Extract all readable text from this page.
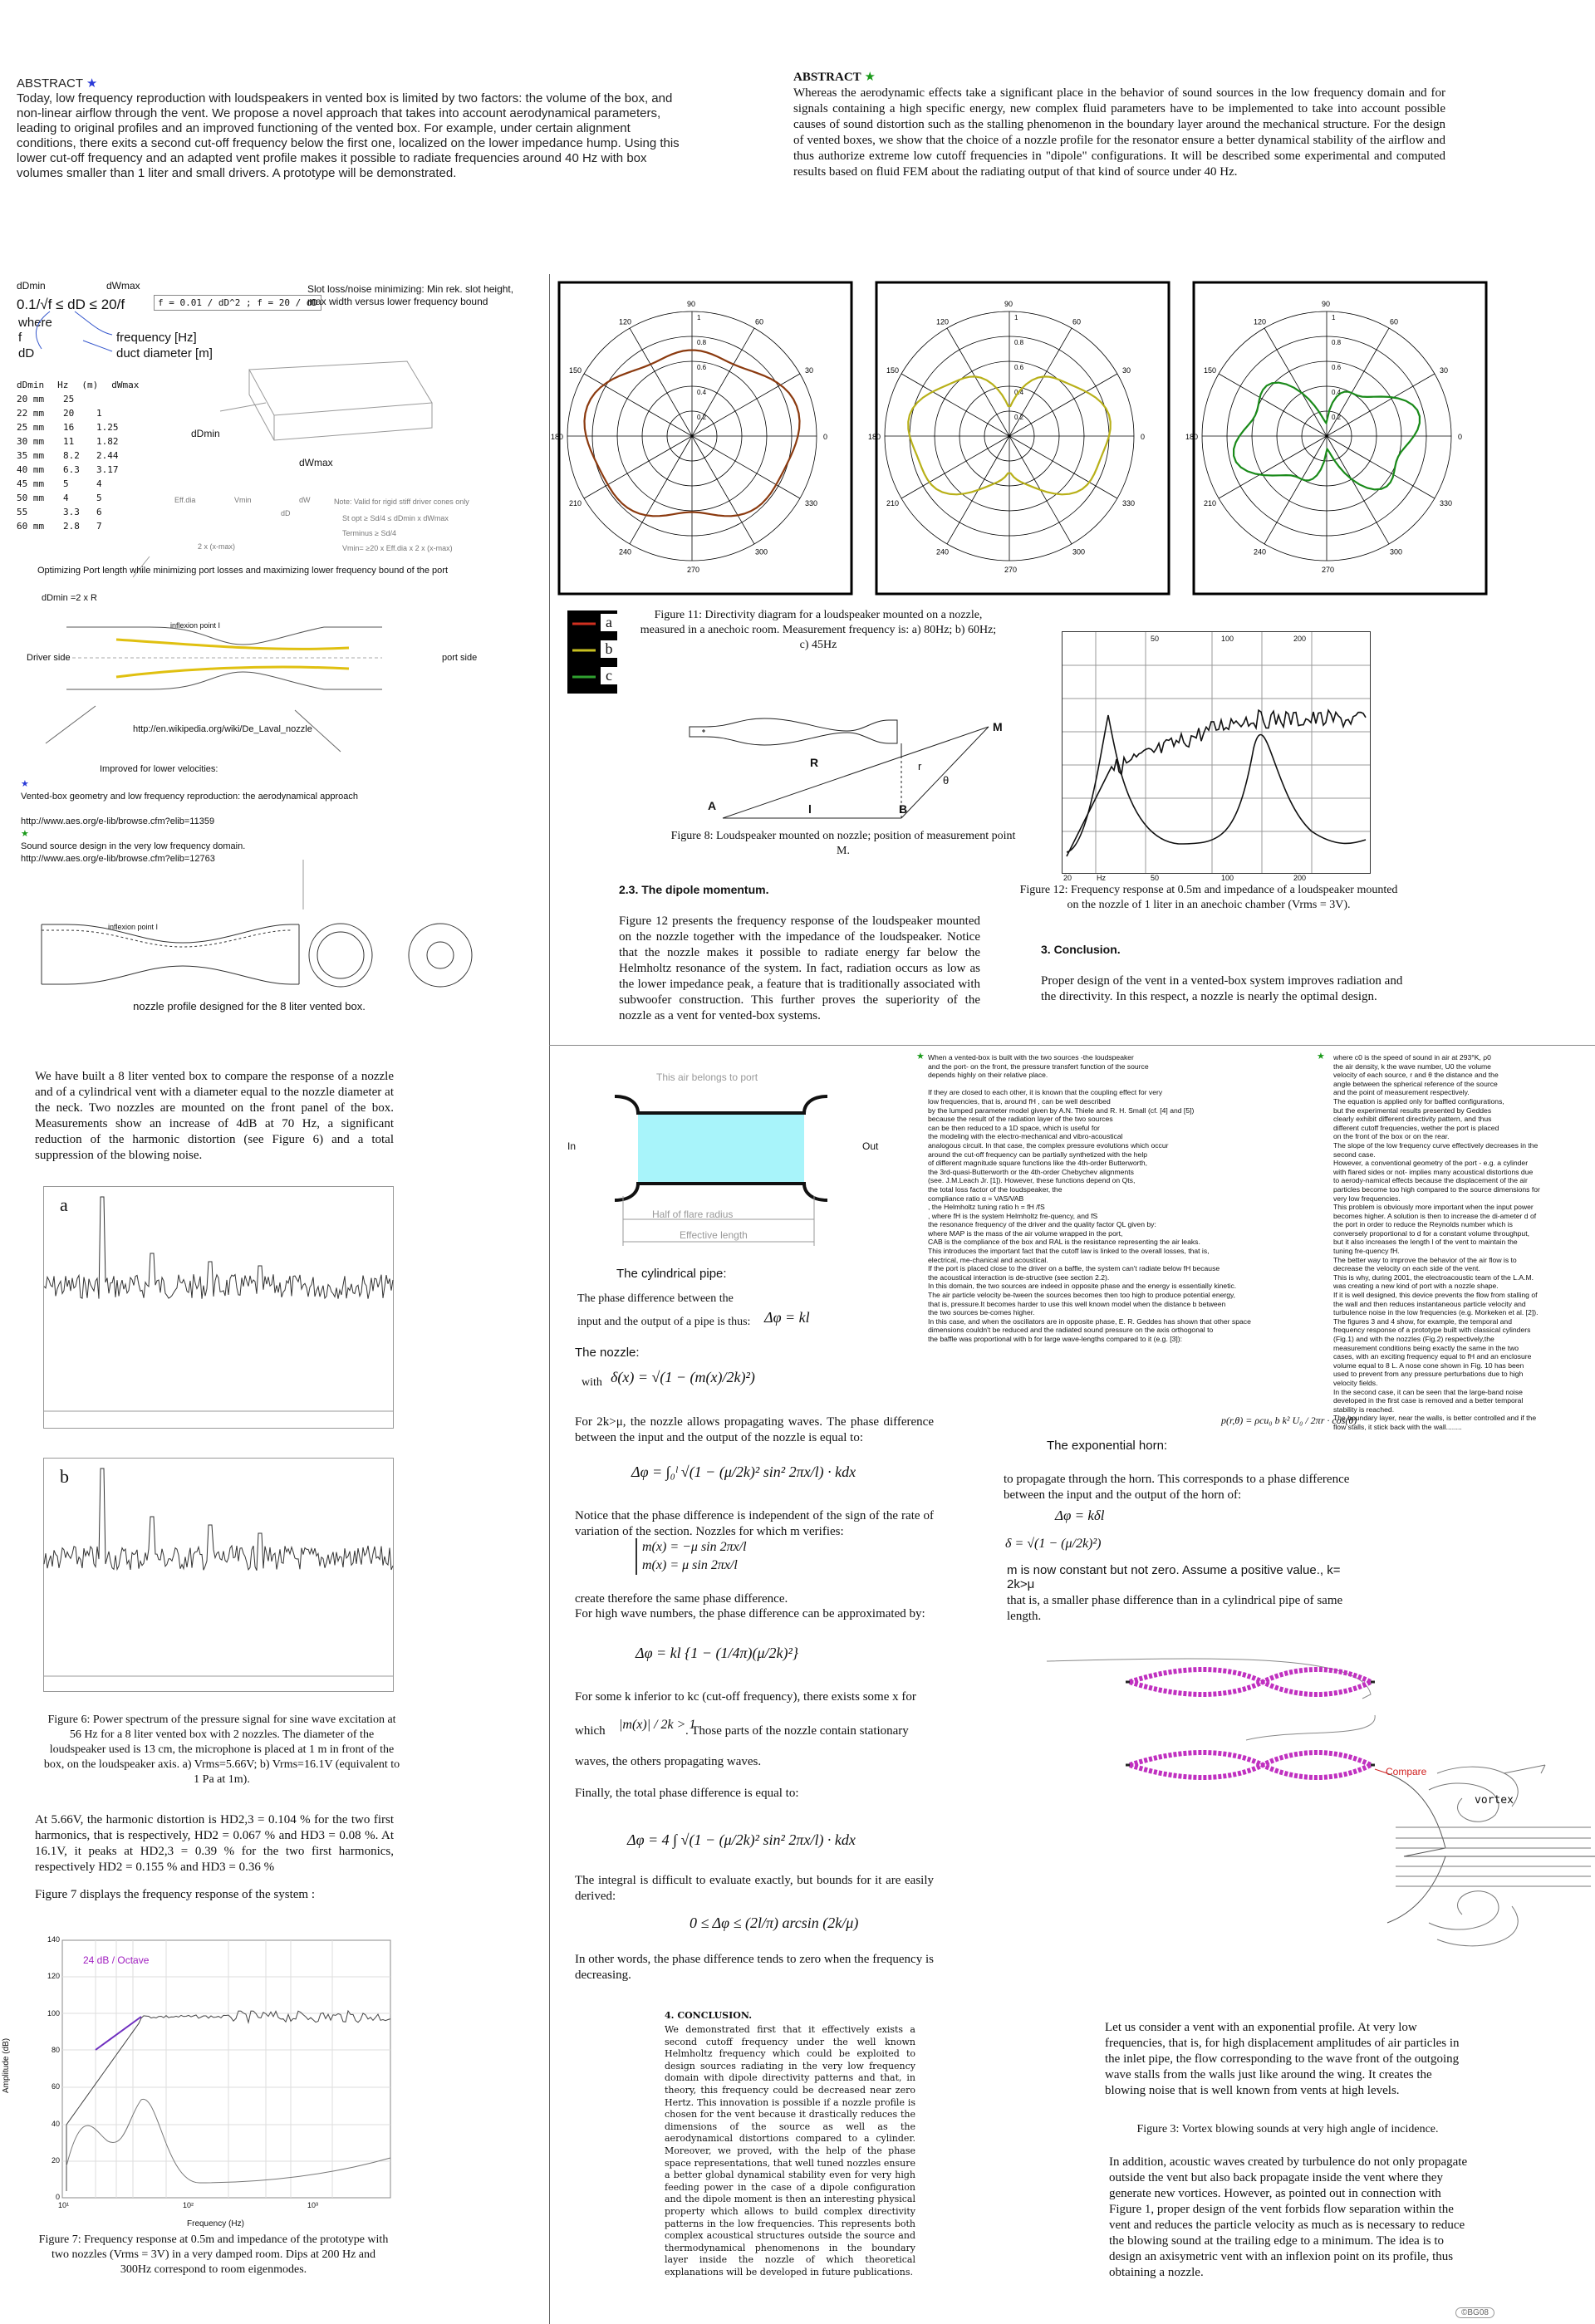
ABSTRACT ★
Today, low frequency reproduction with loudspeakers in vented box is limited by two factors: the volume of the box, and non-linear airflow through the vent. We propose a novel approach that takes into account aerodynamical parameters, leading to original profiles and an improved functioning of the vented box. For example, under certain alignment conditions, there exits a second cut-off frequency below the first one, localized on the lower impedance hump. Using this lower cut-off frequency and an adapted vent profile makes it possible to radiate frequencies around 40 Hz with box volumes smaller than 1 liter and small drivers. A prototype will be demonstrated.
ABSTRACT ★
Whereas the aerodynamic effects take a significant place in the behavior of sound sources in the low frequency domain and for signals containing a high specific energy, new complex fluid parameters have to be implemented to take into account possible causes of sound distortion such as the stalling phenomenon in the boundary layer around the mechanical structure. For the design of vented boxes, we show that the choice of a nozzle profile for the resonator ensure a better dynamical stability of the airflow and thus authorize extreme low cutoff frequencies in "dipole" configurations. It will be described some experimental and computed results based on fluid FEM about the radiating output of that kind of source under 40 Hz.
dDmin	dWmax
0.1/√f ≤ dD ≤ 20/f	f = 0.01 / dD^2 ; f = 20 / dD
Slot loss/noise minimizing: Min rek. slot height, max width versus lower frequency bound
where
f	frequency [Hz]
dD	duct diameter [m]
dDmin Hz (m) dWmax
20 mm	25
22 mm	20	1
25 mm	16	1.25
30 mm	11	1.82
35 mm	8.2	2.44
40 mm	6.3	3.17
45 mm	5	4
50 mm	4	5
55	3.3	6
60 mm	2.8	7
dDmin
dWmax
Eff.dia	Vmin	dW
dD
Note: Valid for rigid stiff driver cones only
St opt ≥ Sd/4 ≤ dDmin x dWmax
Terminus ≥ Sd/4
Vmin= ≥20 x Eff.dia x 2 x (x-max)
2 x (x-max)
Optimizing Port length while minimizing port losses and maximizing lower frequency bound of the port
dDmin =2 x R
inflexion point I
Driver side	port side
http://en.wikipedia.org/wiki/De_Laval_nozzle
Improved for lower velocities:
★
Vented-box geometry and low frequency reproduction: the aerodynamical approach

http://www.aes.org/e-lib/browse.cfm?elib=11359
★
Sound source design in the very low frequency domain.
http://www.aes.org/e-lib/browse.cfm?elib=12763
inflexion point I
nozzle profile designed for the 8 liter vented box.
We have built a 8 liter vented box to compare the response of a nozzle and of a cylindrical vent with a diameter equal to the nozzle diameter at the neck. Two nozzles are mounted on the front panel of the box. Measurements show an increase of 4dB at 70 Hz, a significant reduction of the harmonic distortion (see Figure 6) and a total suppression of the blowing noise.
a
b
Figure 6: Power spectrum of the pressure signal for sine wave excitation at 56 Hz for a 8 liter vented box with 2 nozzles. The diameter of the loudspeaker used is 13 cm, the microphone is placed at 1 m in front of the box, on the loudspeaker axis. a) Vrms=5.66V; b) Vrms=16.1V (equivalent to 1 Pa at 1m).
At 5.66V, the harmonic distortion is HD2,3 = 0.104 % for the two first harmonics, that is respectively, HD2 = 0.067 % and HD3 = 0.08 %. At 16.1V, it peaks at HD2,3 = 0.39 % for the two first harmonics, respectively HD2 = 0.155 % and HD3 = 0.36 %
Figure 7 displays the frequency response of the system :
24 dB / Octave
Amplitude (dB)
Frequency (Hz)
140
120
100
80
60
40
20
0
10¹	10²	10³
Figure 7: Frequency response at 0.5m and impedance of the prototype with two nozzles (Vrms = 3V) in a very damped room. Dips at 200 Hz and 300Hz correspond to room eigenmodes.
90
120	60
150	30
180	0
210	330
240	300
270
1
0.8
0.6
0.4
0.2
90
120	60
150	30
180	0
210	330
240	300
270
1
0.8
0.6
0.4
0.2
90
120	60
150	30
180	0
210	330
240	300
270
1
0.8
0.6
0.4
0.2
a
b
c
Figure 11: Directivity diagram for a loudspeaker mounted on a nozzle, measured in a anechoic room. Measurement frequency is: a) 80Hz; b) 60Hz; c) 45Hz
R	r
θ
A	l	B
M
Figure 8: Loudspeaker mounted on nozzle; position of measurement point M.
2.3. The dipole momentum.
Figure 12 presents the frequency response of the loudspeaker mounted on the nozzle together with the impedance of the loudspeaker. Notice that the nozzle makes it possible to radiate energy far below the Helmholtz resonance of the system. In fact, radiation occurs as low as the lower impedance peak, a feature that is traditionally associated with subwoofer construction. This further proves the superiority of the nozzle as a vent for vented-box systems.
50	100	200
20	Hz	50	100	200
Figure 12: Frequency response at 0.5m and impedance of a loudspeaker mounted on the nozzle of 1 liter in an anechoic chamber (Vrms = 3V).
3. Conclusion.
Proper design of the vent in a vented-box system improves radiation and the directivity. In this respect, a nozzle is nearly the optimal design.
This air belongs to port
In	Out
Half of flare radius
Effective length
The cylindrical pipe:
The phase difference between the input and the output of a pipe is thus: Δφ = kl
The nozzle:
with δ(x) = √(1 − (m(x)/2k)²)
For 2k>μ, the nozzle allows propagating waves. The phase difference between the input and the output of the nozzle is equal to:
Δφ = ∫₀ˡ √(1 − (μ/2k)² sin² 2πx/l) · kdx
Notice that the phase difference is independent of the sign of the rate of variation of the section. Nozzles for which m verifies:
m(x) = −μ sin 2πx/l
m(x) = μ sin 2πx/l
create therefore the same phase difference.
For high wave numbers, the phase difference can be approximated by:
Δφ = kl {1 − (1/4π)(μ/2k)²}
For some k inferior to kc (cut-off frequency), there exists some x for
which |m(x)| / 2k > 1
. Those parts of the nozzle contain stationary
waves, the others propagating waves.
Finally, the total phase difference is equal to:
Δφ = 4 ∫ √(1 − (μ/2k)² sin² 2πx/l) · kdx
The integral is difficult to evaluate exactly, but bounds for it are easily derived:
0 ≤ Δφ ≤ (2l/π) arcsin (2k/μ)
In other words, the phase difference tends to zero when the frequency is decreasing.
4. CONCLUSION.
We demonstrated first that it effectively exists a second cutoff frequency under the well known Helmholtz frequency which could be exploited to design sources radiating in the very low frequency domain with dipole directivity patterns and that, in theory, this frequency could be decreased near zero Hertz. This innovation is possible if a nozzle profile is chosen for the vent because it drastically reduces the dimensions of the source as well as the aerodynamical distortions compared to a cylinder. Moreover, we proved, with the help of the phase space representations, that well tuned nozzles ensure a better global dynamical stability even for very high feeding power in the case of a dipole configuration and the dipole moment is then an interesting physical property which allows to build complex directivity patterns in the low frequencies. This represents both complex acoustical structures outside the source and thermodynamical phenomenons in the boundary layer inside the nozzle of which theoretical explanations will be developed in future publications.
★ When a vented-box is built with the two sources -the loudspeaker
and the port- on the front, the pressure transfert function of the source
depends highly on their relative place.

If they are closed to each other, it is known that the coupling effect for very
low frequencies, that is, around fH , can be well described
by the lumped parameter model given by A.N. Thiele and R. H. Small (cf. [4] and [5])
because the result of the radiation layer of the two sources
can be then reduced to a 1D space, which is useful for
the modeling with the electro-mechanical and vibro-acoustical
analogous circuit. In that case, the complex pressure evolutions which occur
around the cut-off frequency can be partially synthetized with the help
of different magnitude square functions like the 4th-order Butterworth,
the 3rd-quasi-Butterworth or the 4th-order Chebychev alignments
(see. J.M.Leach Jr. [1]). However, these functions depend on Qts,
the total loss factor of the loudspeaker, the
compliance ratio α = VAS/VAB
, the Helmholtz tuning ratio h = fH /fS
, where fH is the system Helmholtz fre-quency, and fS
the resonance frequency of the driver and the quality factor QL given by:
where MAP is the mass of the air volume wrapped in the port,
CAB is the compliance of the box and RAL is the resistance representing the air leaks.
This introduces the important fact that the cutoff law is linked to the overall losses, that is,
electrical, me-chanical and acoustical.
If the port is placed close to the driver on a baffle, the system can't radiate below fH because
the acoustical interaction is de-structive (see section 2.2).
In this domain, the two sources are indeed in opposite phase and the energy is essentially kinetic.
The air particle velocity be-tween the sources becomes then too high to produce potential energy,
that is, pressure.It becomes harder to use this well known model when the distance b between
the two sources be-comes higher.
In this case, and when the oscillators are in opposite phase, E. R. Geddes has shown that other space
dimensions couldn't be reduced and the radiated sound pressure on the axis orthogonal to
the baffle was proportional with b for large wave-lengths compared to it (e.g. [3]):
p(r,θ) = ρcu₀ b k² U₀ / 2πr · cos(θ)
★ where c0 is the speed of sound in air at 293°K, ρ0
the air density, k the wave number, U0 the volume
velocity of each source, r and θ the distance and the
angle between the spherical reference of the source
and the point of measurement respectively.
The equation is applied only for baffled configurations,
but the experimental results presented by Geddes
clearly exhibit different directivity pattern, and thus
different cutoff frequencies, wether the port is placed
on the front of the box or on the rear.
The slope of the low frequency curve effectively decreases in the
second case.
However, a conventional geometry of the port - e.g. a cylinder
with flared sides or not- implies many acoustical distortions due
to aerody-namical effects because the displacement of the air
particles become too high compared to the source dimensions for
very low frequencies.
This problem is obviously more important when the input power
becomes higher. A solution is then to increase the di-ameter d of
the port in order to reduce the Reynolds number which is
conversely proportional to d for a constant volume throughput,
but it also increases the length l of the vent to maintain the
tuning fre-quency fH.
The better way to improve the behavior of the air flow is to
decrease the velocity on each side of the vent.
This is why, during 2001, the electroacoustic team of the L.A.M.
was creating a new kind of port with a nozzle shape.
If it is well designed, this device prevents the flow from stalling of
the wall and then reduces instantaneous particle velocity and
turbulence noise in the low frequencies (e.g. Morkeken et al. [2]).
The figures 3 and 4 show, for example, the temporal and
frequency response of a prototype built with classical cylinders
(Fig.1) and with the nozzles (Fig.2) respectively,the
measurement conditions being exactly the same in the two
cases, with an exciting frequency equal to fH and an enclosure
volume equal to 8 L. A nose cone shown in Fig. 10 has been
used to prevent from any pressure perturbations due to high
velocity fields.
In the second case, it can be seen that the large-band noise
developed in the first case is removed and a better temporal
stability is reached.
The boundary layer, near the walls, is better controlled and if the
flow stalls, it stick back with the wall........
The exponential horn:
to propagate through the horn. This corresponds to a phase difference between the input and the output of the horn of:
Δφ = kδl
δ = √(1 − (μ/2k)²)
m is now constant but not zero. Assume a positive value., k= 2k>μ
that is, a smaller phase difference than in a cylindrical pipe of same length.
Compare
vortex
Let us consider a vent with an exponential profile. At very low frequencies, that is, for high displacement amplitudes of air particles in the inlet pipe, the flow corresponding to the wave front of the outgoing wave stalls from the walls just like around the wing. It creates the blowing noise that is well known from vents at high levels.
Figure 3: Vortex blowing sounds at very high angle of incidence.
In addition, acoustic waves created by turbulence do not only propagate outside the vent but also back propagate inside the vent where they generate new vortices. However, as pointed out in connection with Figure 1, proper design of the vent forbids flow separation within the vent and reduces the particle velocity as much as is necessary to reduce the blowing sound at the trailing edge to a minimum. The idea is to design an axisymetric vent with an inflexion point on its profile, thus obtaining a nozzle.
©BG08
